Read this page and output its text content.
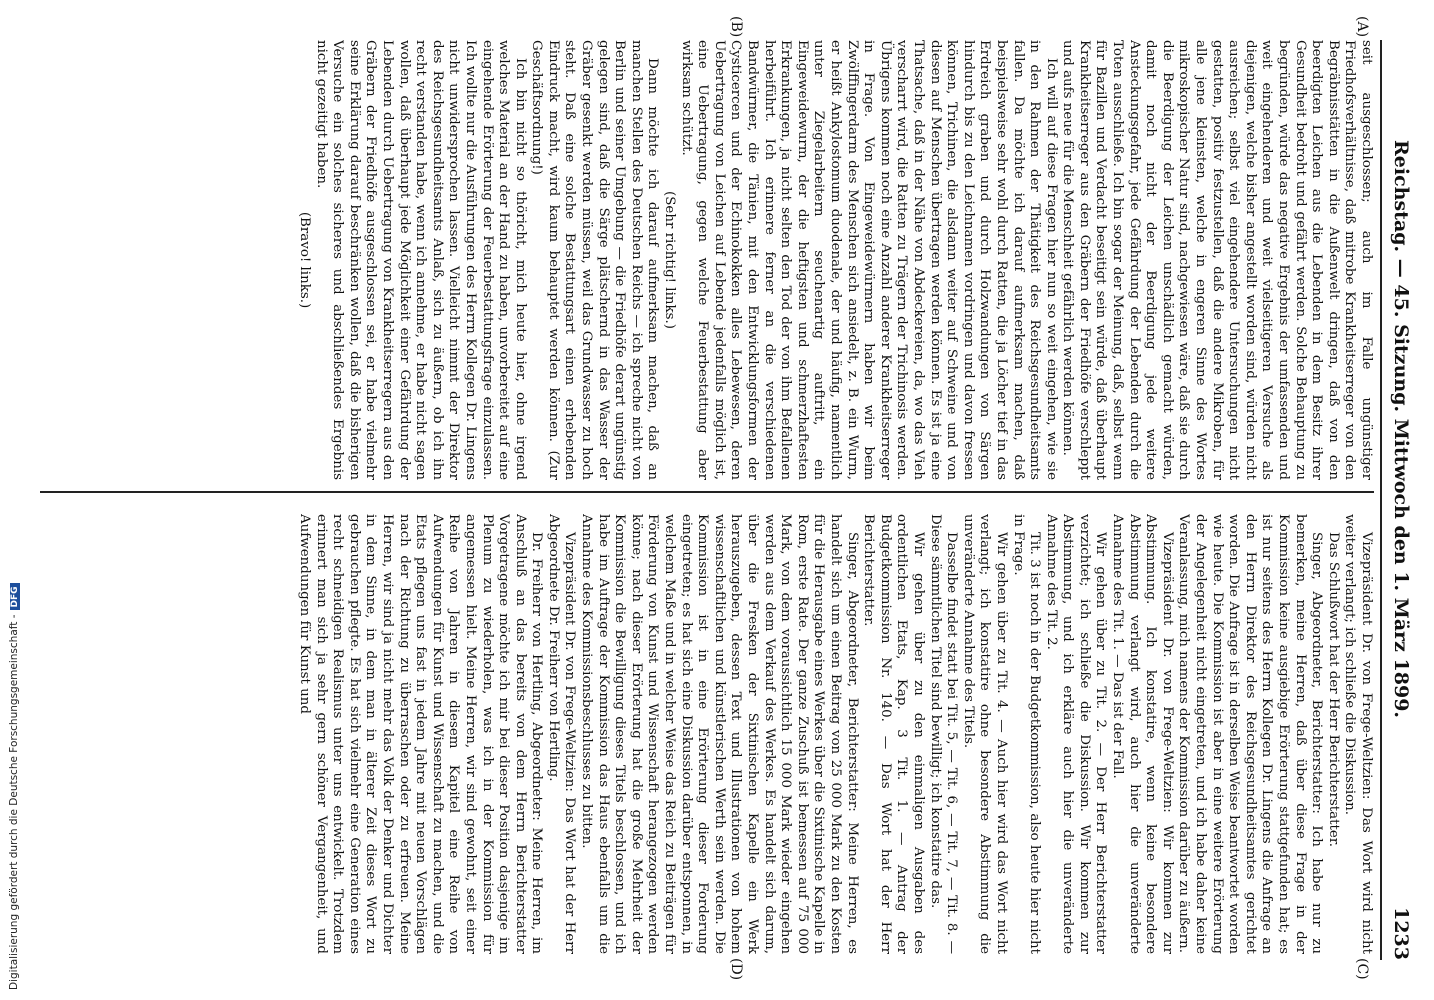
Reichstag. — 45. Sitzung. Mittwoch den 1. März 1899.
1233
(A)
(B)
(C)
(D)

seit ausgeschlossen; auch im Falle ungünstiger Friedhofsverhältnisse, daß mitrobe Krankheitserreger von den Begräbnisstätten in die Außenwelt dringen, daß von den beerdigten Leichen aus die Lebenden in dem Besitz ihrer Gesundheit bedroht und gefährt werden. Solche Behauptung zu begründen, würde das negative Ergebnis der umfassenden und weit eingehenderen und weit vielseitigeren Versuche als diejenigen, welche bisher angestellt worden sind, würden nicht ausreichen; selbst viel eingehendere Untersuchungen nicht gestatten, positiv festzustellen, daß die andere Mikroben, für alle jene kleinsten, welche in engeren Sinne des Wortes mikroskopischer Natur sind, nachgewiesen wäre, daß sie durch die Beerdigung der Leichen unschädlich gemacht würden, damit noch nicht der Beerdigung jede weitere Ansteckungsgefahr, jede Gefährdung der Lebenden durch die Toten ausschließe. Ich bin sogar der Meinung, daß, selbst wenn für Bazillen und Verdacht beseitigt sein würde, daß überhaupt Krankheitserreger aus den Gräbern der Friedhöfe verschleppt und aufs neue für die Menschheit gefährlich werden können.

Ich will auf diese Fragen hier nun so weit eingehen, wie sie in den Rahmen der Thätigkeit des Reichsgesundheitsamts fallen. Da möchte ich darauf aufmerksam machen, daß beispielsweise sehr wohl durch Ratten, die ja Löcher tief in das Erdreich graben und durch Holzwandungen von Särgen hindurch bis zu den Leichnamen vordringen und davon fressen können, Trichinen, die alsdann weiter auf Schweine und von diesen auf Menschen übertragen werden können. Es ist ja eine Thatsache, daß in der Nähe von Abdeckereien, da, wo das Vieh verscharrt wird, die Ratten zu Trägern der Trichinosis werden. Übrigens kommen noch eine Anzahl anderer Krankheitserreger in Frage. Von Eingeweidewürmern haben wir beim Zwölffingerdarm des Menschen sich ansiedelt, z. B. ein Wurm, er heißt Ankylostomum duodenale, der und häufig, namentlich unter Ziegelarbeitern seuchenartig auftritt, ein Eingeweidewurm, der die heftigsten und schmerzhaftesten Erkrankungen, ja nicht selten den Tod der von ihm Befallenen herbeiführt. Ich erinnere ferner an die verschiedenen Bandwürmer, die Tänien, mit den Entwicklungsformen der Cysticercen und der Echinokokken alles Lebewesen, deren Uebertragung von Leichen auf Lebende jedenfalls möglich ist, eine Uebertragung, gegen welche Feuerbestattung aber wirksam schützt.

(Sehr richtig! links.)

Dann möchte ich darauf aufmerksam machen, daß an manchen Stellen des Deutschen Reichs — ich spreche nicht von Berlin und seiner Umgebung — die Friedhöfe derart ungünstig gelegen sind, daß die Särge plätschernd in das Wasser der Gräber gesenkt werden müssen, weil das Grundwasser zu hoch steht. Daß eine solche Bestattungsart einen erhebenden Eindruck macht, wird kaum behauptet werden können. (Zur Geschäftsordnung!)

Ich bin nicht so thöricht, mich heute hier, ohne irgend welches Material an der Hand zu haben, unvorbereitet auf eine eingehende Erörterung der Feuerbestattungsfrage einzulassen. Ich wollte nur die Ausführungen des Herrn Kollegen Dr. Lingens nicht unwidersprochen lassen. Vielleicht nimmt der Direktor des Reichsgesundheitsamts Anlaß, sich zu äußern, ob ich ihn recht verstanden habe, wenn ich annehme, er habe nicht sagen wollen, daß überhaupt jede Möglichkeit einer Gefährdung der Lebenden durch Uebertragung von Krankheitserregern aus den Gräbern der Friedhöfe ausgeschlossen sei, er habe vielmehr seine Erklärung darauf beschränken wollen, daß die bisherigen Versuche ein solches sicheres und abschließendes Ergebnis nicht gezeitigt haben.

(Bravo! links.)

Vizepräsident Dr. von Frege-Weltzien: Das Wort wird nicht weiter verlangt; ich schließe die Diskussion.

Das Schlußwort hat der Herr Berichterstatter.

Singer, Abgeordneter, Berichterstatter: Ich habe nur zu bemerken, meine Herren, daß über diese Frage in der Kommission keine ausgiebige Erörterung stattgefunden hat; es ist nur seitens des Herrn Kollegen Dr. Lingens die Anfrage an den Herrn Direktor des Reichsgesundheitsamtes gerichtet worden. Die Anfrage ist in derselben Weise beantwortet worden wie heute. Die Kommission ist aber in eine weitere Erörterung der Angelegenheit nicht eingetreten, und ich habe daher keine Veranlassung, mich namens der Kommission darüber zu äußern.

Vizepräsident Dr. von Frege-Weltzien: Wir kommen zur Abstimmung. Ich konstatire, wenn keine besondere Abstimmung verlangt wird, auch hier die unveränderte Annahme des Tit. 1. — Das ist der Fall.

Wir gehen über zu Tit. 2. — Der Herr Berichterstatter verzichtet; ich schließe die Diskussion. Wir kommen zur Abstimmung, und ich erkläre auch hier die unveränderte Annahme des Tit. 2.

Tit. 3 ist noch in der Budgetkommission, also heute hier nicht in Frage.

Wir gehen über zu Tit. 4. — Auch hier wird das Wort nicht verlangt; ich konstatire ohne besondere Abstimmung die unveränderte Annahme des Titels.

Dasselbe findet statt bei Tit. 5, — Tit. 6, — Tit. 7, — Tit. 8. — Diese sämmtlichen Titel sind bewilligt; ich konstatire das.

Wir gehen über zu den einmaligen Ausgaben des ordentlichen Etats, Kap. 3 Tit. 1. — Antrag der Budgetkommission Nr. 140. — Das Wort hat der Herr Berichterstatter.

Singer, Abgeordneter, Berichterstatter: Meine Herren, es handelt sich um einen Beitrag von 25 000 Mark zu den Kosten für die Herausgabe eines Werkes über die Sixtinische Kapelle in Rom, erste Rate. Der ganze Zuschuß ist bemessen auf 75 000 Mark, von dem voraussichtlich 15 000 Mark wieder eingehen werden aus dem Verkauf des Werkes. Es handelt sich darum, über die Fresken der Sixtinischen Kapelle ein Werk herauszugeben, dessen Text und Illustrationen von hohem wissenschaftlichen und künstlerischen Werth sein werden. Die Kommission ist in eine Erörterung dieser Forderung eingetreten; es hat sich eine Diskussion darüber entsponnen, in welchem Maße und in welcher Weise das Reich zu Beiträgen für Förderung von Kunst und Wissenschaft herangezogen werden könne; nach dieser Erörterung hat die große Mehrheit der Kommission die Bewilligung dieses Titels beschlossen, und ich habe im Auftrage der Kommission das Haus ebenfalls um die Annahme des Kommissionsbeschlusses zu bitten.

Vizepräsident Dr. von Frege-Weltzien: Das Wort hat der Herr Abgeordnete Dr. Freiherr von Hertling.

Dr. Freiherr von Hertling, Abgeordneter: Meine Herren, im Anschluß an das bereits von dem Herrn Berichterstatter Vorgetragene möchte ich mir bei dieser Position dasjenige im Plenum zu wiederholen, was ich in der Kommission für angemessen hielt. Meine Herren, wir sind gewohnt, seit einer Reihe von Jahren in diesem Kapitel eine Reihe von Aufwendungen für Kunst und Wissenschaft zu machen, und die Etats pflegen uns fast in jedem Jahre mit neuen Vorschlägen nach der Richtung zu überraschen oder zu erfreuen. Meine Herren, wir sind ja nicht mehr das Volk der Denker und Dichter in dem Sinne, in dem man in älterer Zeit dieses Wort zu gebrauchen pflegte. Es hat sich vielmehr eine Generation eines recht schneidigen Realismus unter uns entwickelt. Trotzdem erinnert man sich ja sehr gern schöner Vergangenheit, und Aufwendungen für Kunst und

Digitalisierung gefördert durch die Deutsche Forschungsgemeinschaft -DFG
